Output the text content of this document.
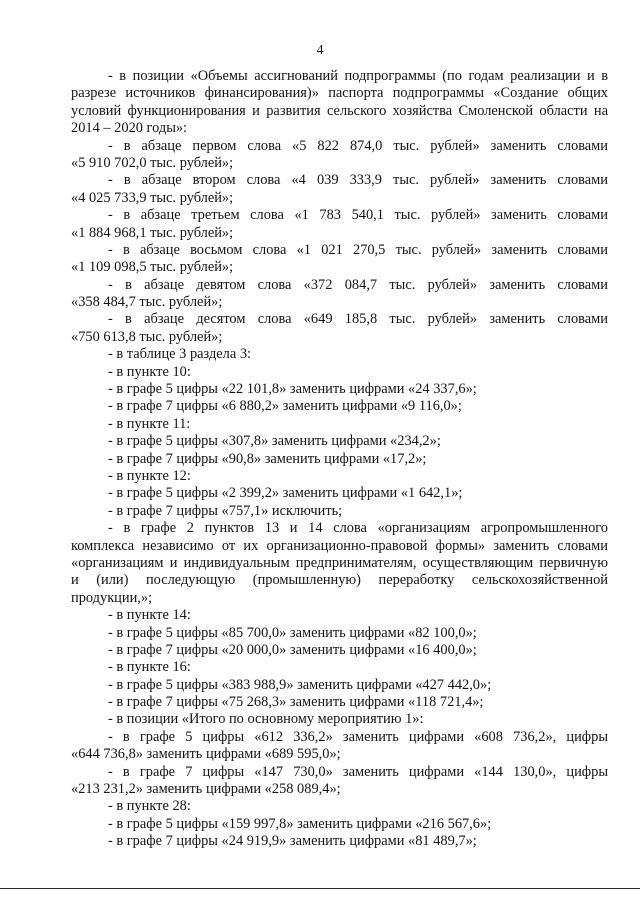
4
- в позиции «Объемы ассигнований подпрограммы (по годам реализации и в
разрезе источников финансирования)» паспорта подпрограммы «Создание общих
условий функционирования и развития сельского хозяйства Смоленской области на
2014 – 2020 годы»:
- в абзаце первом слова «5 822 874,0 тыс. рублей» заменить словами
«5 910 702,0 тыс. рублей»;
- в абзаце втором слова «4 039 333,9 тыс. рублей» заменить словами
«4 025 733,9 тыс. рублей»;
- в абзаце третьем слова «1 783 540,1 тыс. рублей» заменить словами
«1 884 968,1 тыс. рублей»;
- в абзаце восьмом слова «1 021 270,5 тыс. рублей» заменить словами
«1 109 098,5 тыс. рублей»;
- в абзаце девятом слова «372 084,7 тыс. рублей» заменить словами
«358 484,7 тыс. рублей»;
- в абзаце десятом слова «649 185,8 тыс. рублей» заменить словами
«750 613,8 тыс. рублей»;
- в таблице 3 раздела 3:
- в пункте 10:
- в графе 5 цифры «22 101,8» заменить цифрами «24 337,6»;
- в графе 7 цифры «6 880,2» заменить цифрами «9 116,0»;
- в пункте 11:
- в графе 5 цифры «307,8» заменить цифрами «234,2»;
- в графе 7 цифры «90,8» заменить цифрами «17,2»;
- в пункте 12:
- в графе 5 цифры «2 399,2» заменить цифрами «1 642,1»;
- в графе 7 цифры «757,1» исключить;
- в графе 2 пунктов 13 и 14 слова «организациям агропромышленного
комплекса независимо от их организационно-правовой формы» заменить словами
«организациям и индивидуальным предпринимателям, осуществляющим первичную
и (или) последующую (промышленную) переработку сельскохозяйственной
продукции,»;
- в пункте 14:
- в графе 5 цифры «85 700,0» заменить цифрами «82 100,0»;
- в графе 7 цифры «20 000,0» заменить цифрами «16 400,0»;
- в пункте 16:
- в графе 5 цифры «383 988,9» заменить цифрами «427 442,0»;
- в графе 7 цифры «75 268,3» заменить цифрами «118 721,4»;
- в позиции «Итого по основному мероприятию 1»:
- в графе 5 цифры «612 336,2» заменить цифрами «608 736,2», цифры
«644 736,8» заменить цифрами «689 595,0»;
- в графе 7 цифры «147 730,0» заменить цифрами «144 130,0», цифры
«213 231,2» заменить цифрами «258 089,4»;
- в пункте 28:
- в графе 5 цифры «159 997,8» заменить цифрами «216 567,6»;
- в графе 7 цифры «24 919,9» заменить цифрами «81 489,7»;
